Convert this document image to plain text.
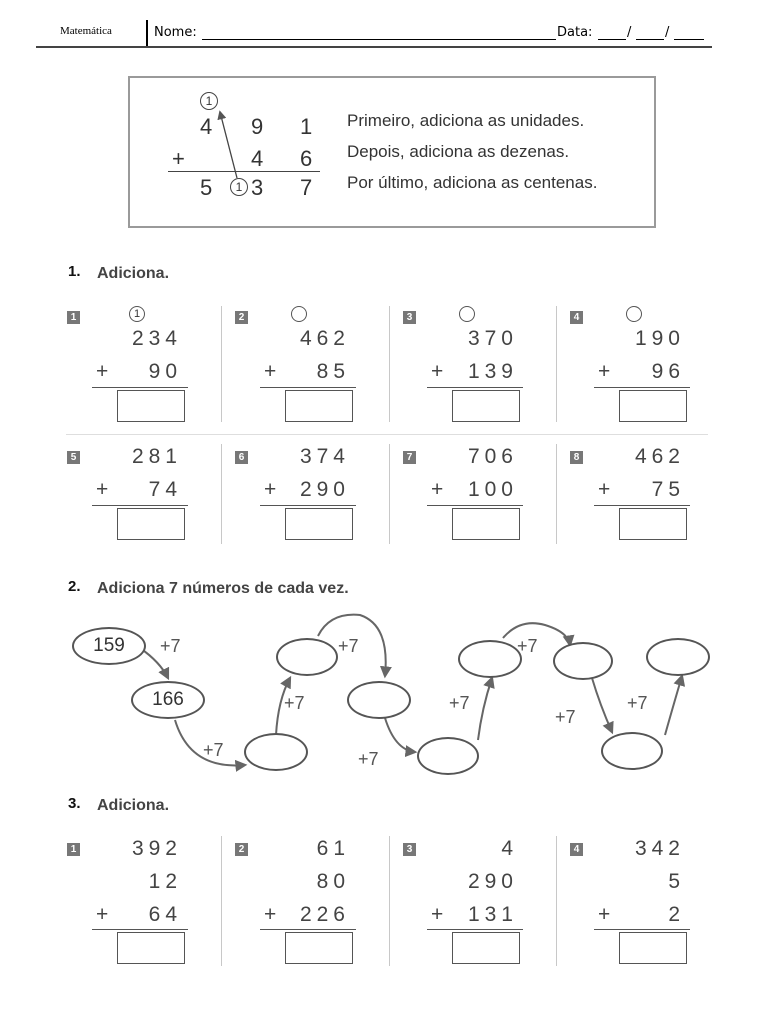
Matemática	Nome:	Data:	/	/
1
4 9 1
+	4 6
5	1 3 7
Primeiro, adiciona as unidades.
Depois, adiciona as dezenas.
Por último, adiciona as centenas.
1. Adiciona.
1	1
234
+	90
2
462
+	85
3
370
+	139
4
190
+	96
5	281
+	74
6	374
+	290
7	706
+	100
8	462
+	75
2. Adiciona 7 números de cada vez.
159	+7
166
+7
+7
+7
+7
+7
+7
+7
+7
3. Adiciona.
1	392
12
+	64
2	61
80
+	226
3	4
290
+	131
4	342
5
+	2
